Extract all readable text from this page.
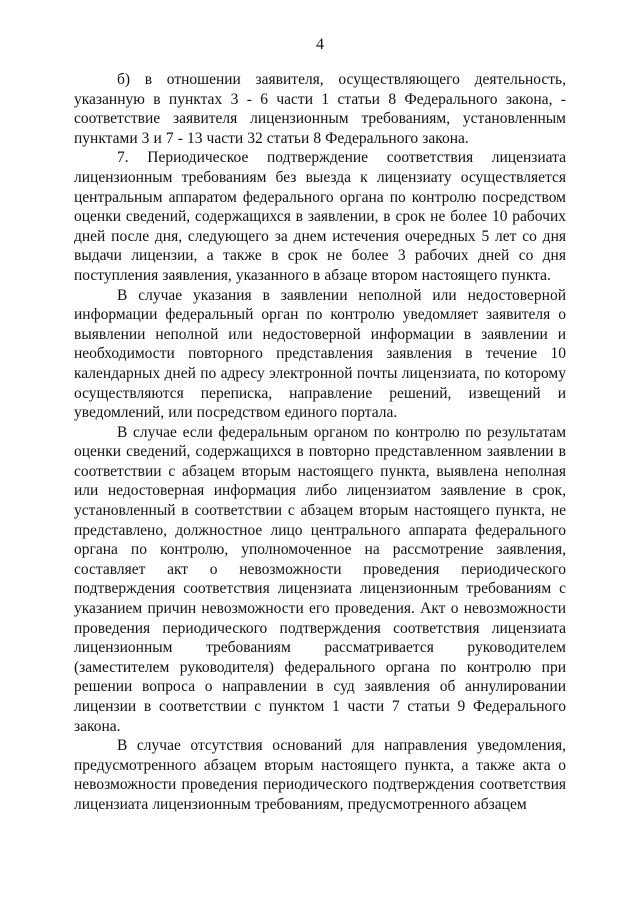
4

б) в отношении заявителя, осуществляющего деятельность, указанную в пунктах 3 - 6 части 1 статьи 8 Федерального закона, - соответствие заявителя лицензионным требованиям, установленным пунктами 3 и 7 - 13 части 32 статьи 8 Федерального закона.

7. Периодическое подтверждение соответствия лицензиата лицензионным требованиям без выезда к лицензиату осуществляется центральным аппаратом федерального органа по контролю посредством оценки сведений, содержащихся в заявлении, в срок не более 10 рабочих дней после дня, следующего за днем истечения очередных 5 лет со дня выдачи лицензии, а также в срок не более 3 рабочих дней со дня поступления заявления, указанного в абзаце втором настоящего пункта.

В случае указания в заявлении неполной или недостоверной информации федеральный орган по контролю уведомляет заявителя о выявлении неполной или недостоверной информации в заявлении и необходимости повторного представления заявления в течение 10 календарных дней по адресу электронной почты лицензиата, по которому осуществляются переписка, направление решений, извещений и уведомлений, или посредством единого портала.

В случае если федеральным органом по контролю по результатам оценки сведений, содержащихся в повторно представленном заявлении в соответствии с абзацем вторым настоящего пункта, выявлена неполная или недостоверная информация либо лицензиатом заявление в срок, установленный в соответствии с абзацем вторым настоящего пункта, не представлено, должностное лицо центрального аппарата федерального органа по контролю, уполномоченное на рассмотрение заявления, составляет акт о невозможности проведения периодического подтверждения соответствия лицензиата лицензионным требованиям с указанием причин невозможности его проведения. Акт о невозможности проведения периодического подтверждения соответствия лицензиата лицензионным требованиям рассматривается руководителем (заместителем руководителя) федерального органа по контролю при решении вопроса о направлении в суд заявления об аннулировании лицензии в соответствии с пунктом 1 части 7 статьи 9 Федерального закона.

В случае отсутствия оснований для направления уведомления, предусмотренного абзацем вторым настоящего пункта, а также акта о невозможности проведения периодического подтверждения соответствия лицензиата лицензионным требованиям, предусмотренного абзацем
